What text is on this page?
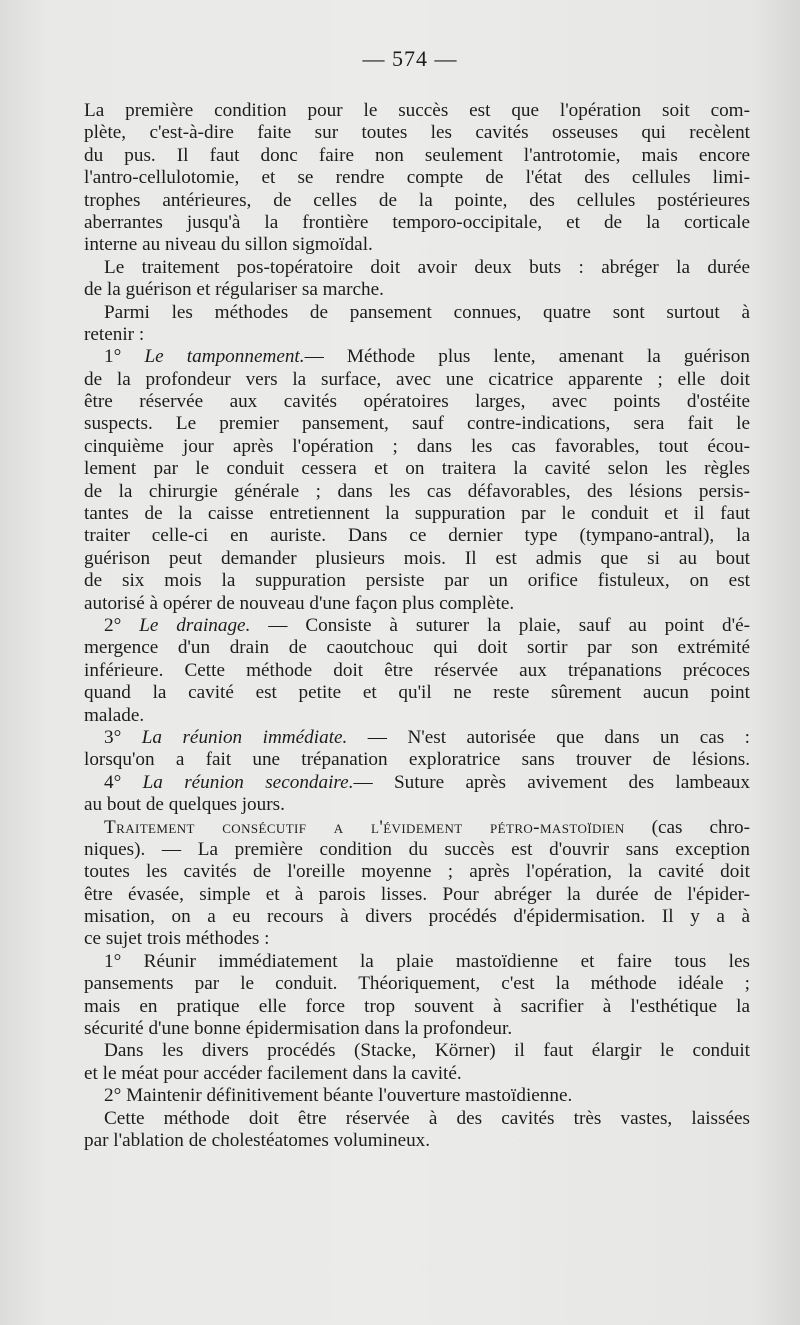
— 574 —
La première condition pour le succès est que l'opération soit com-
plète, c'est-à-dire faite sur toutes les cavités osseuses qui recèlent
du pus. Il faut donc faire non seulement l'antrotomie, mais encore
l'antro-cellulotomie, et se rendre compte de l'état des cellules limi-
trophes antérieures, de celles de la pointe, des cellules postérieures
aberrantes jusqu'à la frontière temporo-occipitale, et de la corticale
interne au niveau du sillon sigmoïdal.
Le traitement pos-topératoire doit avoir deux buts : abréger la durée
de la guérison et régulariser sa marche.
Parmi les méthodes de pansement connues, quatre sont surtout à
retenir :
1° Le tamponnement.— Méthode plus lente, amenant la guérison
de la profondeur vers la surface, avec une cicatrice apparente ; elle doit
être réservée aux cavités opératoires larges, avec points d'ostéite
suspects. Le premier pansement, sauf contre-indications, sera fait le
cinquième jour après l'opération ; dans les cas favorables, tout écou-
lement par le conduit cessera et on traitera la cavité selon les règles
de la chirurgie générale ; dans les cas défavorables, des lésions persis-
tantes de la caisse entretiennent la suppuration par le conduit et il faut
traiter celle-ci en auriste. Dans ce dernier type (tympano-antral), la
guérison peut demander plusieurs mois. Il est admis que si au bout
de six mois la suppuration persiste par un orifice fistuleux, on est
autorisé à opérer de nouveau d'une façon plus complète.
2° Le drainage. — Consiste à suturer la plaie, sauf au point d'é-
mergence d'un drain de caoutchouc qui doit sortir par son extrémité
inférieure. Cette méthode doit être réservée aux trépanations précoces
quand la cavité est petite et qu'il ne reste sûrement aucun point
malade.
3° La réunion immédiate. — N'est autorisée que dans un cas :
lorsqu'on a fait une trépanation exploratrice sans trouver de lésions.
4° La réunion secondaire.— Suture après avivement des lambeaux
au bout de quelques jours.
Traitement consécutif a l'évidement pétro-mastoïdien (cas chro-
niques). — La première condition du succès est d'ouvrir sans exception
toutes les cavités de l'oreille moyenne ; après l'opération, la cavité doit
être évasée, simple et à parois lisses. Pour abréger la durée de l'épider-
misation, on a eu recours à divers procédés d'épidermisation. Il y a à
ce sujet trois méthodes :
1° Réunir immédiatement la plaie mastoïdienne et faire tous les
pansements par le conduit. Théoriquement, c'est la méthode idéale ;
mais en pratique elle force trop souvent à sacrifier à l'esthétique la
sécurité d'une bonne épidermisation dans la profondeur.
Dans les divers procédés (Stacke, Körner) il faut élargir le conduit
et le méat pour accéder facilement dans la cavité.
2° Maintenir définitivement béante l'ouverture mastoïdienne.
Cette méthode doit être réservée à des cavités très vastes, laissées
par l'ablation de cholestéatomes volumineux.
